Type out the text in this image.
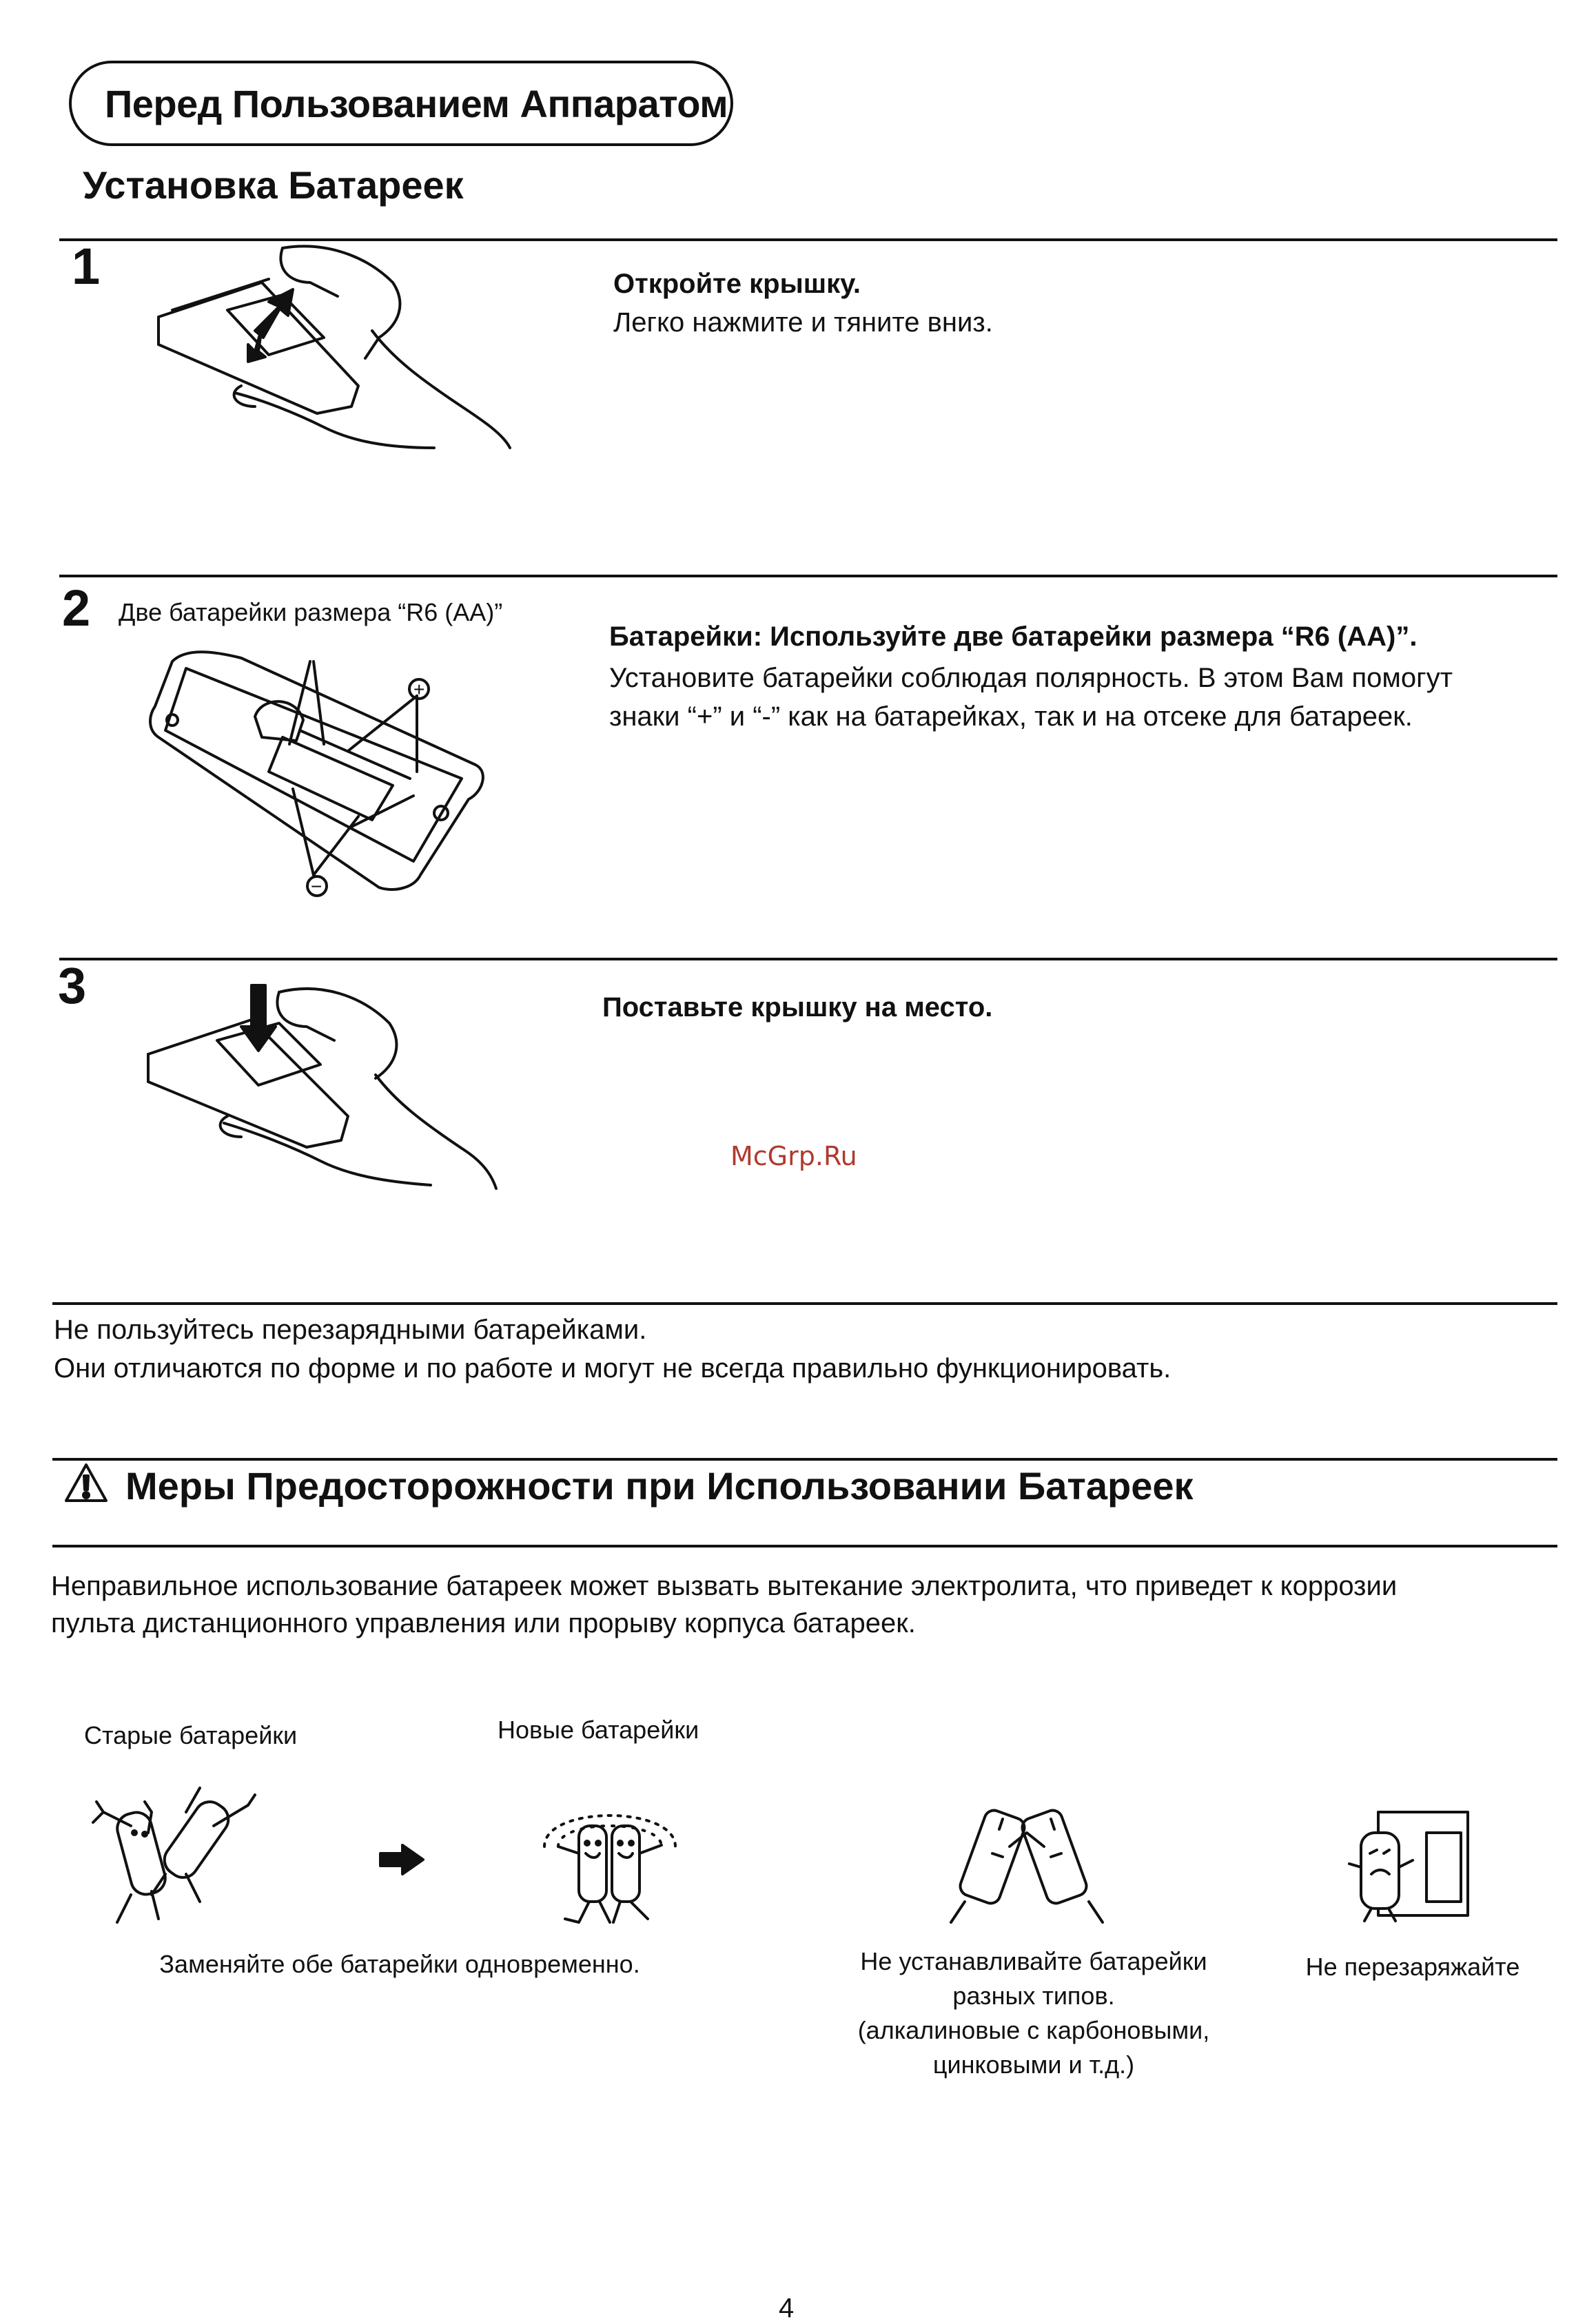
Перед Пользованием Аппаратом
Установка Батареек
1	Откройте крышку.
Легко нажмите и тяните вниз.
2 Две батарейки размера “R6 (AA)”
+
−
Батарейки: Используйте две батарейки размера “R6 (AA)”.
Установите батарейки соблюдая полярность. В этом Вам помогут
знаки “+” и “-” как на батарейках, так и на отсеке для батареек.
3	Поставьте крышку на место.
McGrp.Ru
Не пользуйтесь перезарядными батарейками.
Они отличаются по форме и по работе и могут не всегда правильно функционировать.
Меры Предосторожности при Использовании Батареек
Неправильное использование батареек может вызвать вытекание электролита, что приведет к коррозии
пульта дистанционного управления или прорыву корпуса батареек.
Старые батарейки	Новые батарейки
Заменяйте обе батарейки одновременно.	Не устанавливайте батарейки
разных типов.
(алкалиновые с карбоновыми,
цинковыми и т.д.)
Не перезаряжайте
4
